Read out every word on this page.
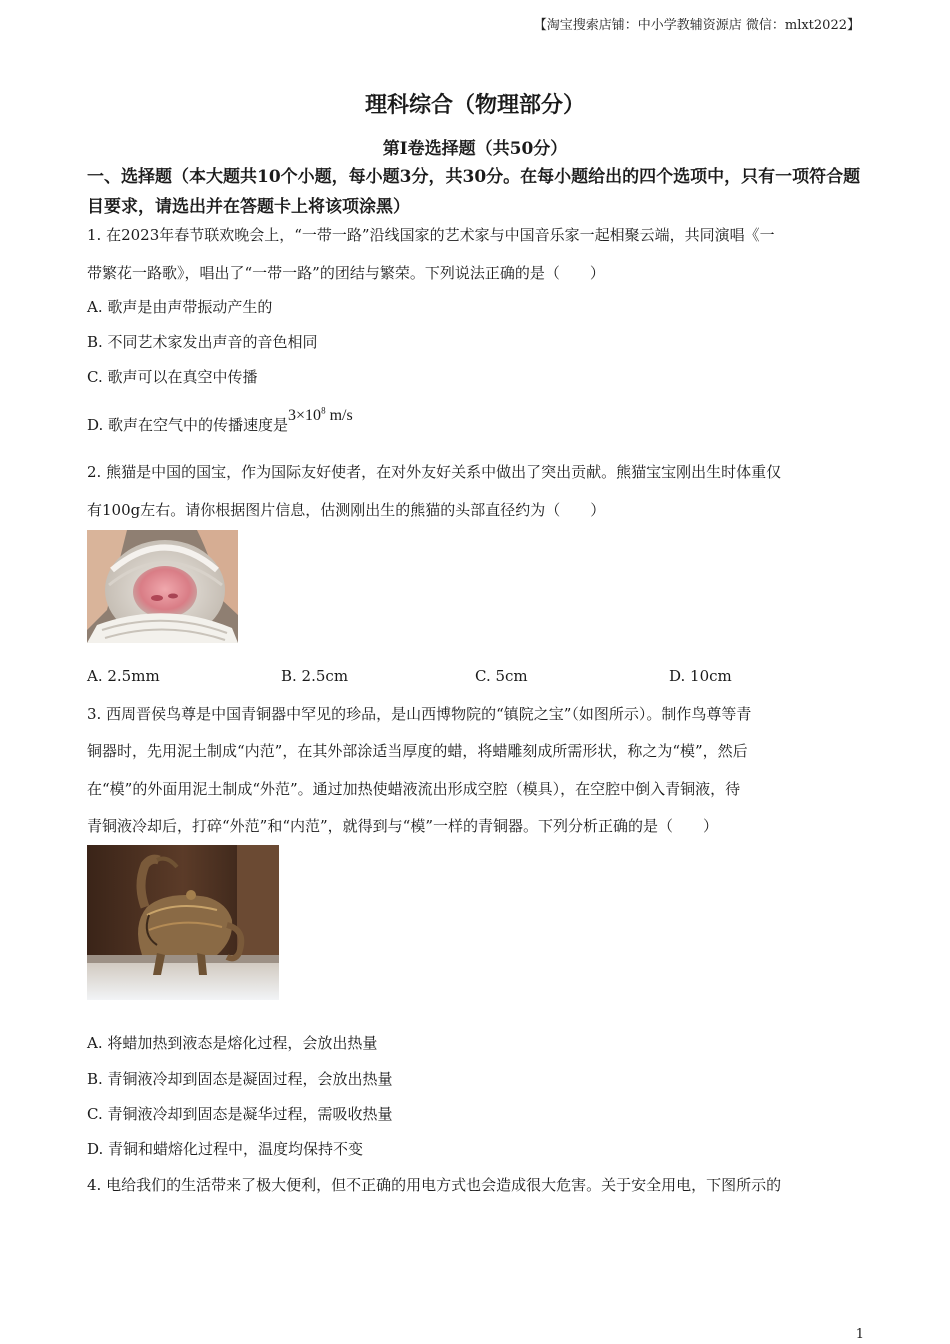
【淘宝搜索店铺：中小学教辅资源店 微信：mlxt2022】
理科综合（物理部分）
第I卷选择题（共50分）
一、选择题（本大题共10个小题，每小题3分，共30分。在每小题给出的四个选项中，只有一项符合题目要求，请选出并在答题卡上将该项涂黑）
1. 在2023年春节联欢晚会上，“一带一路”沿线国家的艺术家与中国音乐家一起相聚云端，共同演唱《一
带繁花一路歌》，唱出了“一带一路”的团结与繁荣。下列说法正确的是（　　）
A. 歌声是由声带振动产生的
B. 不同艺术家发出声音的音色相同
C. 歌声可以在真空中传播
D. 歌声在空气中的传播速度是$3\times 10^8$ m/s
2. 熊猫是中国的国宝，作为国际友好使者，在对外友好关系中做出了突出贡献。熊猫宝宝刚出生时体重仅
有100g左右。请你根据图片信息，估测刚出生的熊猫的头部直径约为（　　）
A. 2.5mm	B. 2.5cm	C. 5cm	D. 10cm
3. 西周晋侯鸟尊是中国青铜器中罕见的珍品，是山西博物院的“镇院之宝”（如图所示）。制作鸟尊等青
铜器时，先用泥土制成“内范”，在其外部涂适当厚度的蜡，将蜡雕刻成所需形状，称之为“模”，然后
在“模”的外面用泥土制成“外范”。通过加热使蜡液流出形成空腔（模具），在空腔中倒入青铜液，待
青铜液冷却后，打碎“外范”和“内范”，就得到与“模”一样的青铜器。下列分析正确的是（　　）
A. 将蜡加热到液态是熔化过程，会放出热量
B. 青铜液冷却到固态是凝固过程，会放出热量
C. 青铜液冷却到固态是凝华过程，需吸收热量
D. 青铜和蜡熔化过程中，温度均保持不变
4. 电给我们的生活带来了极大便利，但不正确的用电方式也会造成很大危害。关于安全用电，下图所示的
1
